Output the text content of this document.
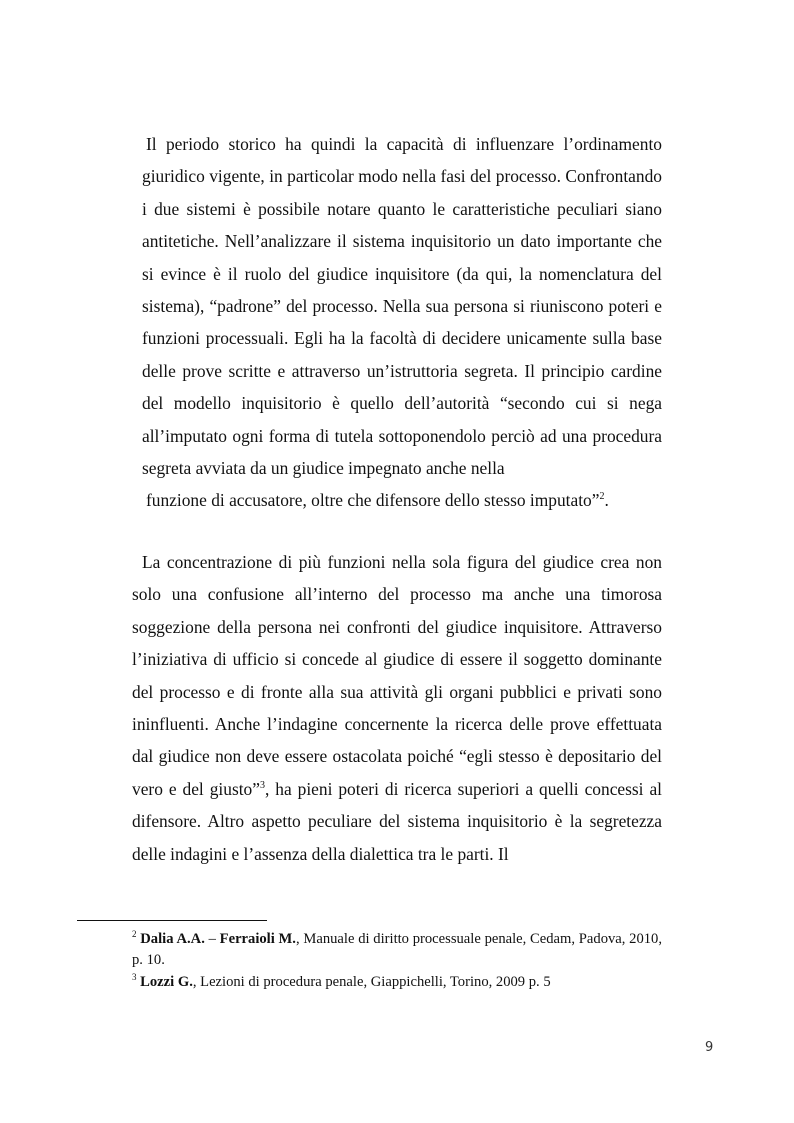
Il periodo storico ha quindi la capacità di influenzare l’ordinamento giuridico vigente, in particolar modo nella fasi del processo. Confrontando i due sistemi è possibile notare quanto le caratteristiche peculiari siano antitetiche. Nell’analizzare il sistema inquisitorio un dato importante che si evince è il ruolo del giudice inquisitore (da qui, la nomenclatura del sistema), “padrone” del processo. Nella sua persona si riuniscono poteri e funzioni processuali. Egli ha la facoltà di decidere unicamente sulla base delle prove scritte e attraverso un’istruttoria segreta. Il principio cardine del modello inquisitorio è quello dell’autorità “secondo cui si nega all’imputato ogni forma di tutela sottoponendolo perciò ad una procedura segreta avviata da un giudice impegnato anche nella
funzione di accusatore, oltre che difensore dello stesso imputato”$^2$.

La concentrazione di più funzioni nella sola figura del giudice crea non solo una confusione all’interno del processo ma anche una timorosa soggezione della persona nei confronti del giudice inquisitore. Attraverso l’iniziativa di ufficio si concede al giudice di essere il soggetto dominante del processo e di fronte alla sua attività gli organi pubblici e privati sono ininfluenti. Anche l’indagine concernente la ricerca delle prove effettuata dal giudice non deve essere ostacolata poiché “egli stesso è depositario del vero e del giusto”$^3$, ha pieni poteri di ricerca superiori a quelli concessi al difensore. Altro aspetto peculiare del sistema inquisitorio è la segretezza delle indagini e l’assenza della dialettica tra le parti. Il

$^2$ Dalia A.A. – Ferraioli M., Manuale di diritto processuale penale, Cedam, Padova, 2010, p. 10.

$^3$ Lozzi G., Lezioni di procedura penale, Giappichelli, Torino, 2009 p. 5

9
